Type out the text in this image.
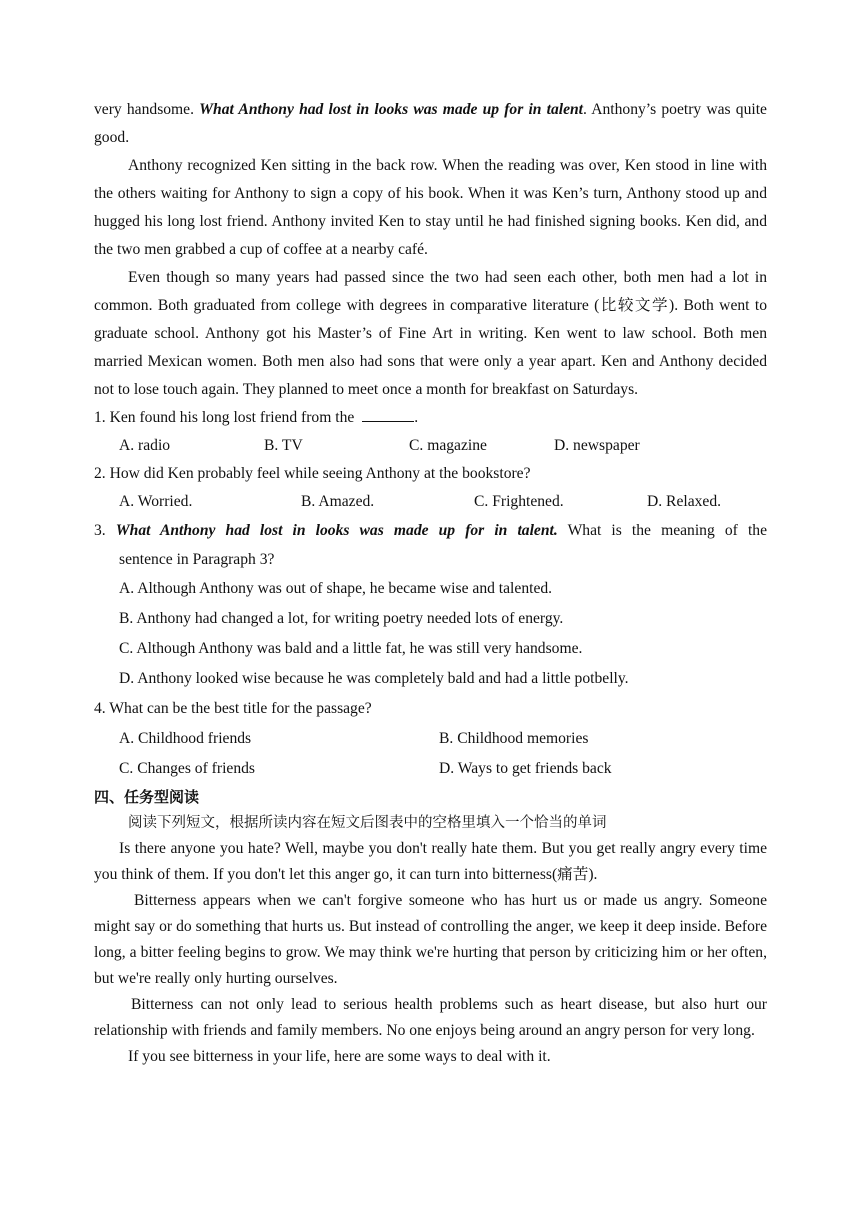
very handsome. What Anthony had lost in looks was made up for in talent. Anthony’s poetry was quite good.

Anthony recognized Ken sitting in the back row. When the reading was over, Ken stood in line with the others waiting for Anthony to sign a copy of his book. When it was Ken’s turn, Anthony stood up and hugged his long lost friend. Anthony invited Ken to stay until he had finished signing books. Ken did, and the two men grabbed a cup of coffee at a nearby café.

Even though so many years had passed since the two had seen each other, both men had a lot in common. Both graduated from college with degrees in comparative literature (比较文学). Both went to graduate school. Anthony got his Master’s of Fine Art in writing. Ken went to law school. Both men married Mexican women. Both men also had sons that were only a year apart. Ken and Anthony decided not to lose touch again. They planned to meet once a month for breakfast on Saturdays.

1. Ken found his long lost friend from the	.
A. radio	B. TV	C. magazine	D. newspaper
2. How did Ken probably feel while seeing Anthony at the bookstore?
A. Worried.	B. Amazed.	C. Frightened.	D. Relaxed.
3. What Anthony had lost in looks was made up for in talent. What is the meaning of the
sentence in Paragraph 3?
A. Although Anthony was out of shape, he became wise and talented.
B. Anthony had changed a lot, for writing poetry needed lots of energy.
C. Although Anthony was bald and a little fat, he was still very handsome.
D. Anthony looked wise because he was completely bald and had a little potbelly.
4. What can be the best title for the passage?
A. Childhood friends	B. Childhood memories
C. Changes of friends	D. Ways to get friends back
四、任务型阅读
阅读下列短文，根据所读内容在短文后图表中的空格里填入一个恰当的单词

Is there anyone you hate? Well, maybe you don't really hate them. But you get really angry every time you think of them. If you don't let this anger go, it can turn into bitterness(痛苦).

Bitterness appears when we can't forgive someone who has hurt us or made us angry. Someone might say or do something that hurts us. But instead of controlling the anger, we keep it deep inside. Before long, a bitter feeling begins to grow. We may think we're hurting that person by criticizing him or her often, but we're really only hurting ourselves.

Bitterness can not only lead to serious health problems such as heart disease, but also hurt our relationship with friends and family members. No one enjoys being around an angry person for very long.

If you see bitterness in your life, here are some ways to deal with it.
